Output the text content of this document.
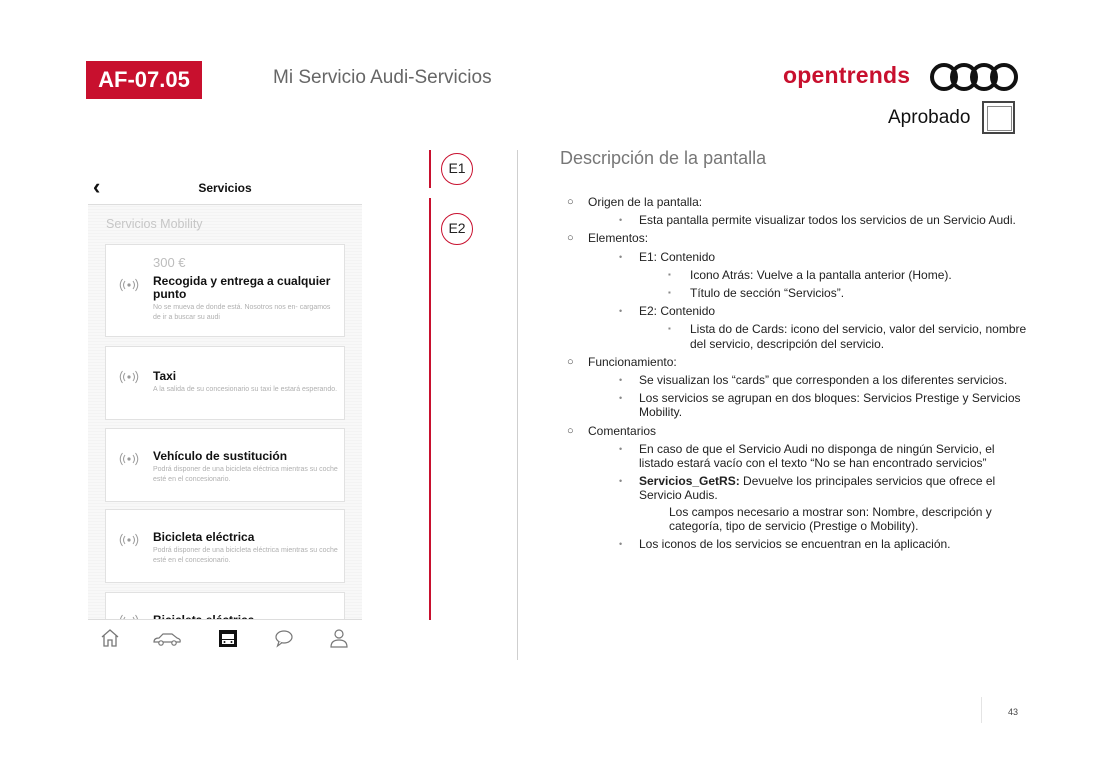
AF-07.05	Mi Servicio Audi-Servicios	opentrends
Aprobado
‹	Servicios
Servicios Mobility
300 €
Recogida y entrega a cualquier punto
No se mueva de donde está. Nosotros nos en- cargamos de ir a buscar su audi
Taxi
A la salida de su concesionario su taxi le estará esperando.
Vehículo de sustitución
Podrá disponer de una bicicleta eléctrica mientras su coche esté en el concesionario.
Bicicleta eléctrica
Podrá disponer de una bicicleta eléctrica mientras su coche esté en el concesionario.
E1
E2
Descripción de la pantalla
○ Origen de la pantalla:
• Esta pantalla permite visualizar todos los servicios de un Servicio Audi.
○ Elementos:
• E1: Contenido
▪ Icono Atrás: Vuelve a la pantalla anterior (Home).
▪ Título de sección “Servicios”.
• E2: Contenido
▪ Lista do de Cards: icono del servicio, valor del servicio, nombre del servicio, descripción del servicio.
○ Funcionamiento:
• Se visualizan los “cards” que corresponden a los diferentes servicios.
• Los servicios se agrupan en dos bloques: Servicios Prestige y Servicios Mobility.
○ Comentarios
• En caso de que el Servicio Audi no disponga de ningún Servicio, el listado estará vacío con el texto “No se han encontrado servicios”
• Servicios_GetRS: Devuelve los principales servicios que ofrece el Servicio Audis.
Los campos necesario a mostrar son: Nombre, descripción y categoría, tipo de servicio (Prestige o Mobility).
• Los iconos de los servicios se encuentran en la aplicación.
43
